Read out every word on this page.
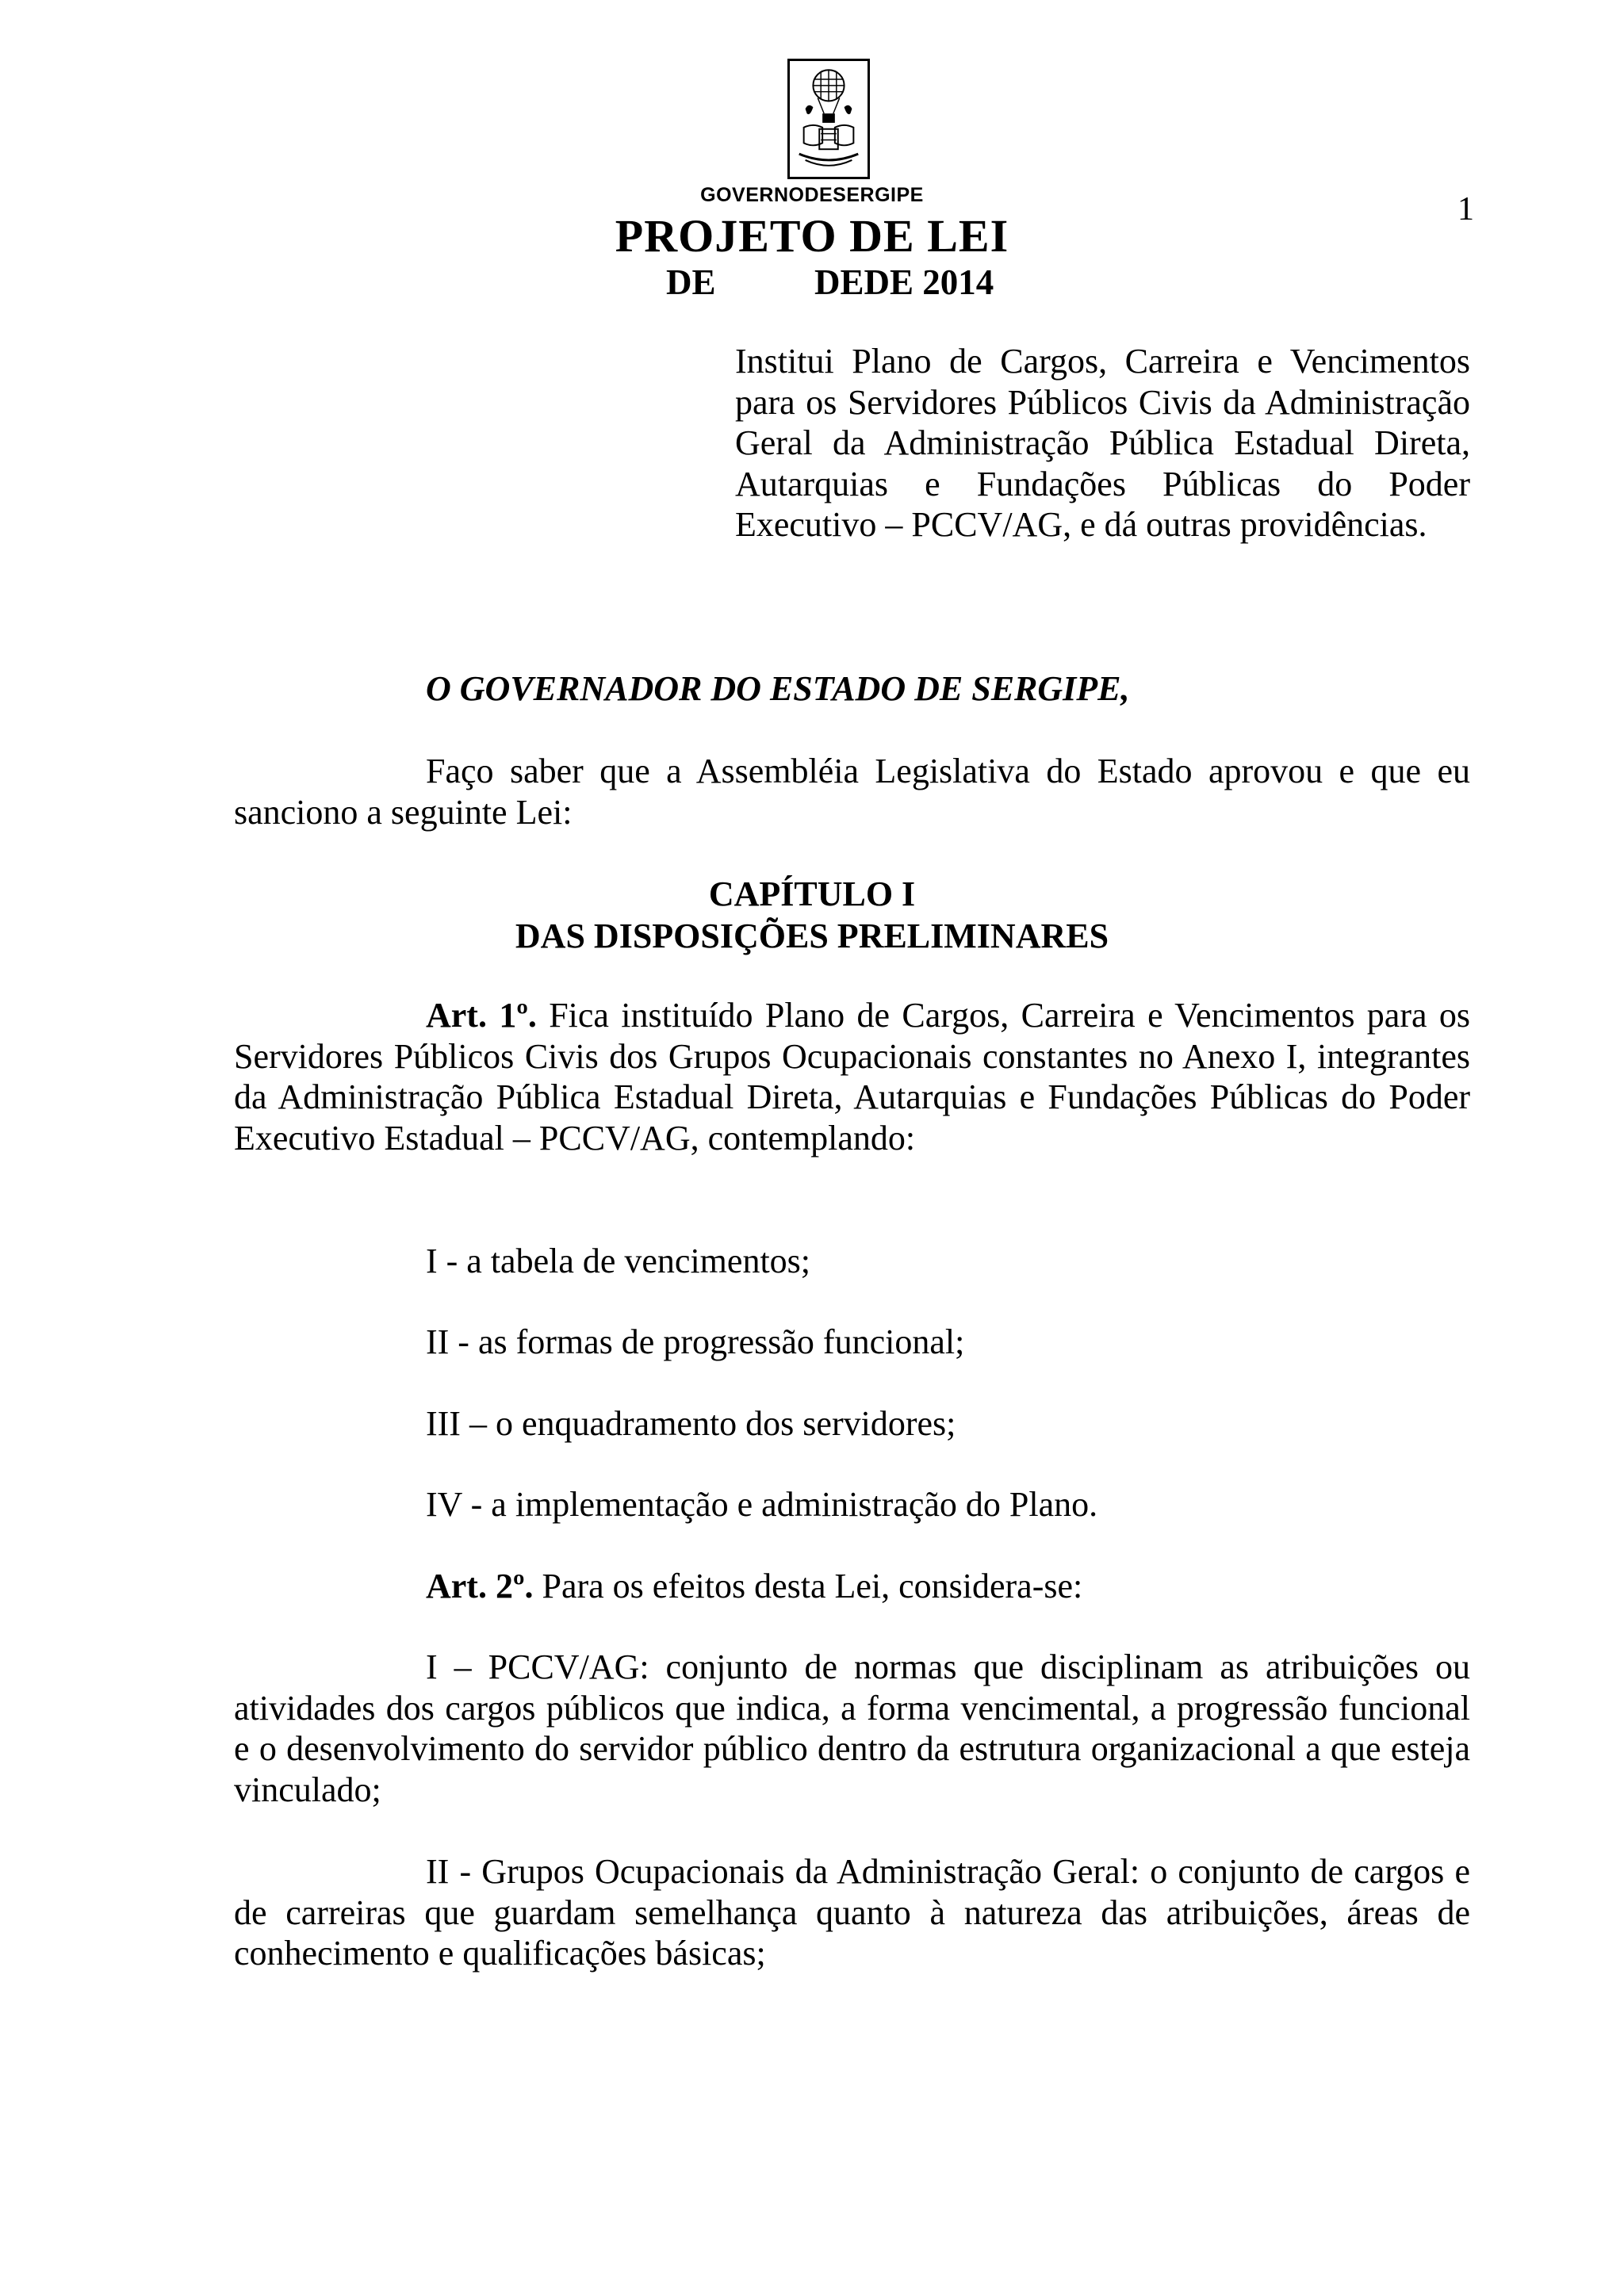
GOVERNODESERGIPE	1
PROJETO DE LEI
DE	DEDE 2014

Institui Plano de Cargos, Carreira e Vencimentos para os Servidores Públicos Civis da Administração Geral da Administração Pública Estadual Direta, Autarquias e Fundações Públicas do Poder Executivo – PCCV/AG, e dá outras providências.

O GOVERNADOR DO ESTADO DE SERGIPE,

Faço saber que a Assembléia Legislativa do Estado aprovou e que eu sanciono a seguinte Lei:

CAPÍTULO I
DAS DISPOSIÇÕES PRELIMINARES

Art. 1º. Fica instituído Plano de Cargos, Carreira e Vencimentos para os Servidores Públicos Civis dos Grupos Ocupacionais constantes no Anexo I, integrantes da Administração Pública Estadual Direta, Autarquias e Fundações Públicas do Poder Executivo Estadual – PCCV/AG, contemplando:

I - a tabela de vencimentos;

II - as formas de progressão funcional;

III – o enquadramento dos servidores;

IV - a implementação e administração do Plano.

Art. 2º. Para os efeitos desta Lei, considera-se:

I – PCCV/AG: conjunto de normas que disciplinam as atribuições ou atividades dos cargos públicos que indica, a forma vencimental, a progressão funcional e o desenvolvimento do servidor público dentro da estrutura organizacional a que esteja vinculado;

II - Grupos Ocupacionais da Administração Geral: o conjunto de cargos e de carreiras que guardam semelhança quanto à natureza das atribuições, áreas de conhecimento e qualificações básicas;
